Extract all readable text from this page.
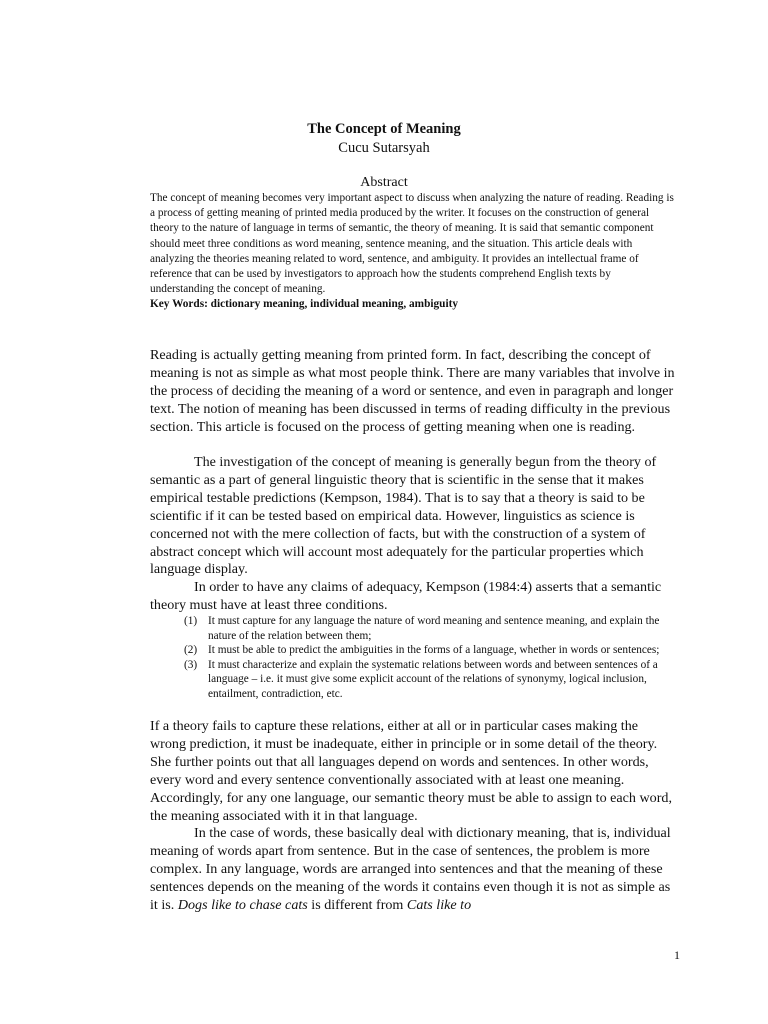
The Concept of Meaning
Cucu Sutarsyah
Abstract

The concept of meaning becomes very important aspect to discuss when analyzing the nature of reading. Reading is a process of getting meaning of printed media produced by the writer. It focuses on the construction of general theory to the nature of language in terms of semantic, the theory of meaning. It is said that semantic component should meet three conditions as word meaning, sentence meaning, and the situation. This article deals with analyzing the theories meaning related to word, sentence, and ambiguity. It provides an intellectual frame of reference that can be used by investigators to approach how the students comprehend English texts by understanding the concept of meaning.

Key Words: dictionary meaning, individual meaning, ambiguity

Reading is actually getting meaning from printed form. In fact, describing the concept of meaning is not as simple as what most people think. There are many variables that involve in the process of deciding the meaning of a word or sentence, and even in paragraph and longer text. The notion of meaning has been discussed in terms of reading difficulty in the previous section. This article is focused on the process of getting meaning when one is reading.

The investigation of the concept of meaning is generally begun from the theory of semantic as a part of general linguistic theory that is scientific in the sense that it makes empirical testable predictions (Kempson, 1984). That is to say that a theory is said to be scientific if it can be tested based on empirical data. However, linguistics as science is concerned not with the mere collection of facts, but with the construction of a system of abstract concept which will account most adequately for the particular properties which language display.

In order to have any claims of adequacy, Kempson (1984:4) asserts that a semantic theory must have at least three conditions.

(1) It must capture for any language the nature of word meaning and sentence meaning, and explain the nature of the relation between them;
(2) It must be able to predict the ambiguities in the forms of a language, whether in words or sentences;
(3) It must characterize and explain the systematic relations between words and between sentences of a language – i.e. it must give some explicit account of the relations of synonymy, logical inclusion, entailment, contradiction, etc.

If a theory fails to capture these relations, either at all or in particular cases making the wrong prediction, it must be inadequate, either in principle or in some detail of the theory. She further points out that all languages depend on words and sentences. In other words, every word and every sentence conventionally associated with at least one meaning. Accordingly, for any one language, our semantic theory must be able to assign to each word, the meaning associated with it in that language.

In the case of words, these basically deal with dictionary meaning, that is, individual meaning of words apart from sentence. But in the case of sentences, the problem is more complex. In any language, words are arranged into sentences and that the meaning of these sentences depends on the meaning of the words it contains even though it is not as simple as it is. Dogs like to chase cats is different from Cats like to

1
